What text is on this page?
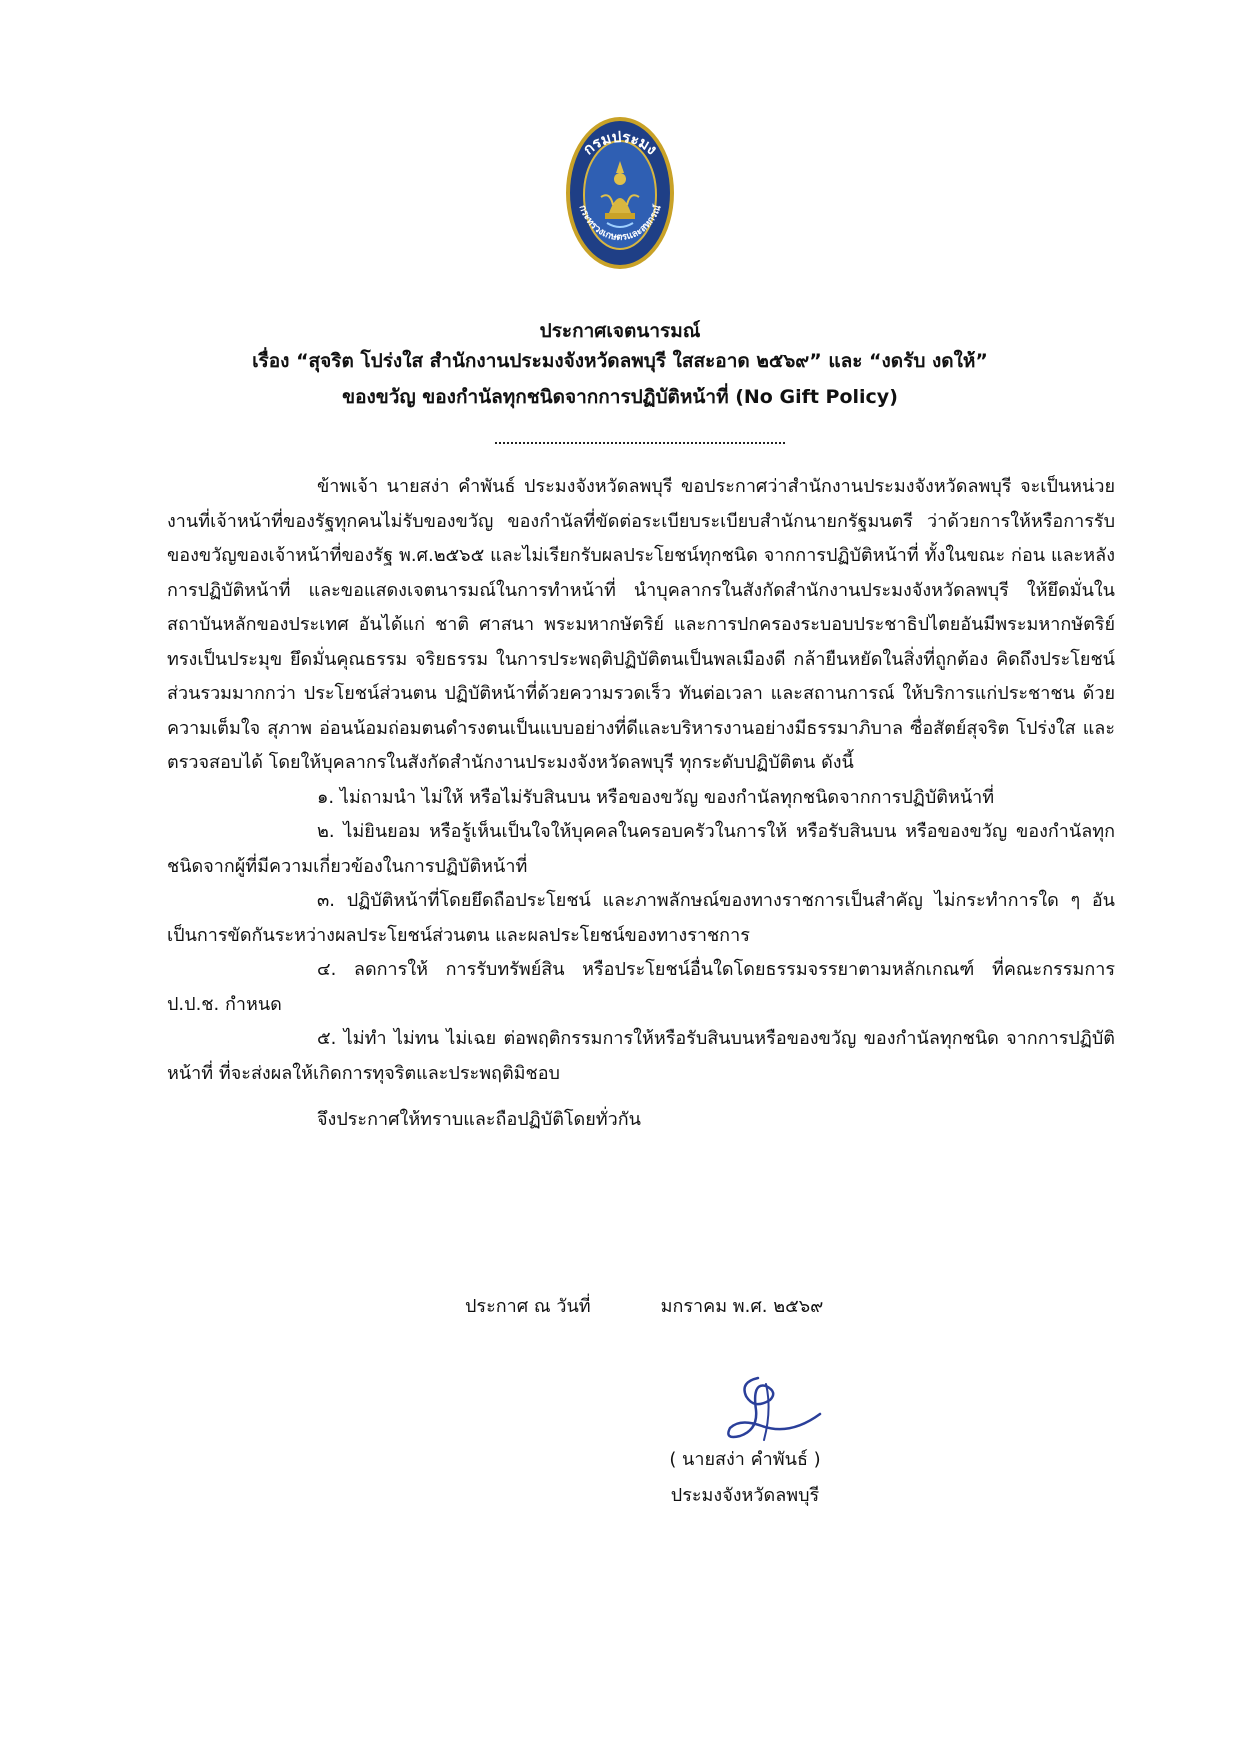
กรมประมง
กระทรวงเกษตรและสหกรณ์
ประกาศเจตนารมณ์
เรื่อง “สุจริต โปร่งใส สำนักงานประมงจังหวัดลพบุรี ใสสะอาด ๒๕๖๙” และ “งดรับ งดให้”
ของขวัญ ของกำนัลทุกชนิดจากการปฏิบัติหน้าที่ (No Gift Policy)

ข้าพเจ้า นายสง่า คำพันธ์ ประมงจังหวัดลพบุรี ขอประกาศว่าสำนักงานประมงจังหวัดลพบุรี จะเป็นหน่วยงานที่เจ้าหน้าที่ของรัฐทุกคนไม่รับของขวัญ ของกำนัลที่ขัดต่อระเบียบระเบียบสำนักนายกรัฐมนตรี ว่าด้วยการให้หรือการรับของขวัญของเจ้าหน้าที่ของรัฐ พ.ศ.๒๕๖๕ และไม่เรียกรับผลประโยชน์ทุกชนิด จากการปฏิบัติหน้าที่ ทั้งในขณะ ก่อน และหลังการปฏิบัติหน้าที่ และขอแสดงเจตนารมณ์ในการทำหน้าที่ นำบุคลากรในสังกัดสำนักงานประมงจังหวัดลพบุรี ให้ยึดมั่นในสถาบันหลักของประเทศ อันได้แก่ ชาติ ศาสนา พระมหากษัตริย์ และการปกครองระบอบประชาธิปไตยอันมีพระมหากษัตริย์ทรงเป็นประมุข ยึดมั่นคุณธรรม จริยธรรม ในการประพฤติปฏิบัติตนเป็นพลเมืองดี กล้ายืนหยัดในสิ่งที่ถูกต้อง คิดถึงประโยชน์ส่วนรวมมากกว่า ประโยชน์ส่วนตน ปฏิบัติหน้าที่ด้วยความรวดเร็ว ทันต่อเวลา และสถานการณ์ ให้บริการแก่ประชาชน ด้วยความเต็มใจ สุภาพ อ่อนน้อมถ่อมตนดำรงตนเป็นแบบอย่างที่ดีและบริหารงานอย่างมีธรรมาภิบาล ซื่อสัตย์สุจริต โปร่งใส และตรวจสอบได้ โดยให้บุคลากรในสังกัดสำนักงานประมงจังหวัดลพบุรี ทุกระดับปฏิบัติตน ดังนี้

๑. ไม่ถามนำ ไม่ให้ หรือไม่รับสินบน หรือของขวัญ ของกำนัลทุกชนิดจากการปฏิบัติหน้าที่

๒. ไม่ยินยอม หรือรู้เห็นเป็นใจให้บุคคลในครอบครัวในการให้ หรือรับสินบน หรือของขวัญ ของกำนัลทุกชนิดจากผู้ที่มีความเกี่ยวข้องในการปฏิบัติหน้าที่

๓. ปฏิบัติหน้าที่โดยยึดถือประโยชน์ และภาพลักษณ์ของทางราชการเป็นสำคัญ ไม่กระทำการใด ๆ อันเป็นการขัดกันระหว่างผลประโยชน์ส่วนตน และผลประโยชน์ของทางราชการ

๔. ลดการให้ การรับทรัพย์สิน หรือประโยชน์อื่นใดโดยธรรมจรรยาตามหลักเกณฑ์ ที่คณะกรรมการ ป.ป.ช. กำหนด

๕. ไม่ทำ ไม่ทน ไม่เฉย ต่อพฤติกรรมการให้หรือรับสินบนหรือของขวัญ ของกำนัลทุกชนิด จากการปฏิบัติหน้าที่ ที่จะส่งผลให้เกิดการทุจริตและประพฤติมิชอบ

จึงประกาศให้ทราบและถือปฏิบัติโดยทั่วกัน

ประกาศ ณ วันที่	มกราคม พ.ศ. ๒๕๖๙
( นายสง่า คำพันธ์ )
ประมงจังหวัดลพบุรี
